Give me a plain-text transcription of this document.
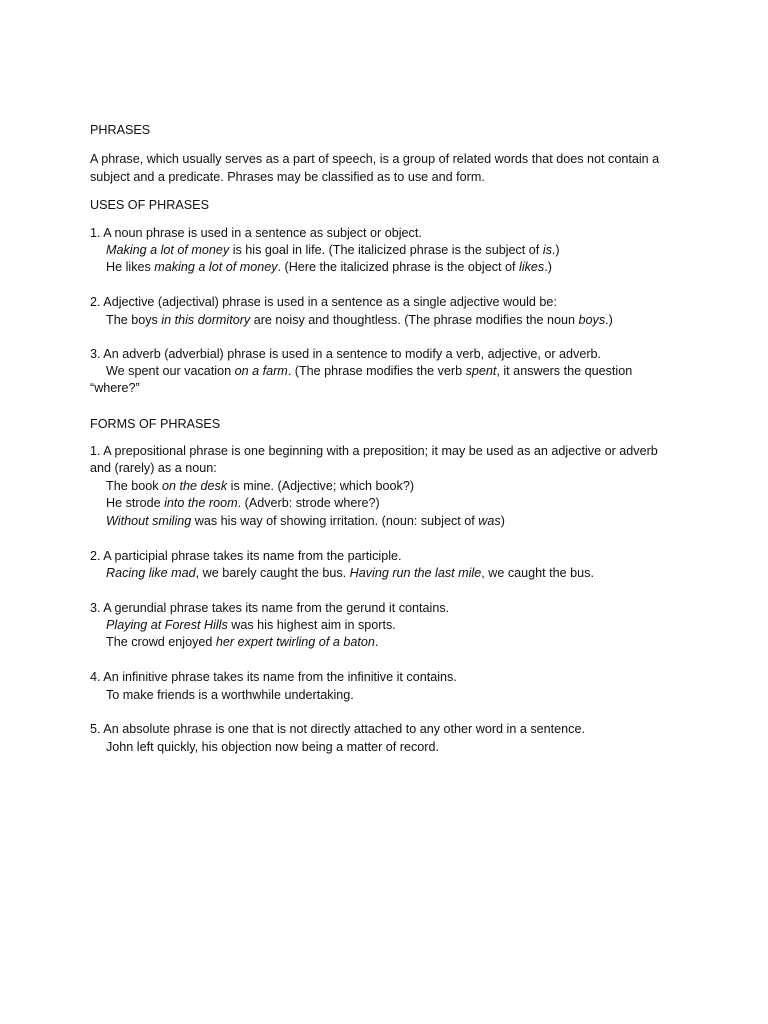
PHRASES
A phrase, which usually serves as a part of speech, is a group of related words that does not contain a
subject and a predicate. Phrases may be classified as to use and form.
USES OF PHRASES
1. A noun phrase is used in a sentence as subject or object.
Making a lot of money is his goal in life. (The italicized phrase is the subject of is.)
He likes making a lot of money. (Here the italicized phrase is the object of likes.)
2. Adjective (adjectival) phrase is used in a sentence as a single adjective would be:
The boys in this dormitory are noisy and thoughtless. (The phrase modifies the noun boys.)
3. An adverb (adverbial) phrase is used in a sentence to modify a verb, adjective, or adverb.
We spent our vacation on a farm. (The phrase modifies the verb spent, it answers the question
“where?”
FORMS OF PHRASES
1. A prepositional phrase is one beginning with a preposition; it may be used as an adjective or adverb
and (rarely) as a noun:
The book on the desk is mine. (Adjective; which book?)
He strode into the room. (Adverb: strode where?)
Without smiling was his way of showing irritation. (noun: subject of was)
2. A participial phrase takes its name from the participle.
Racing like mad, we barely caught the bus. Having run the last mile, we caught the bus.
3. A gerundial phrase takes its name from the gerund it contains.
Playing at Forest Hills was his highest aim in sports.
The crowd enjoyed her expert twirling of a baton.
4. An infinitive phrase takes its name from the infinitive it contains.
To make friends is a worthwhile undertaking.
5. An absolute phrase is one that is not directly attached to any other word in a sentence.
John left quickly, his objection now being a matter of record.
